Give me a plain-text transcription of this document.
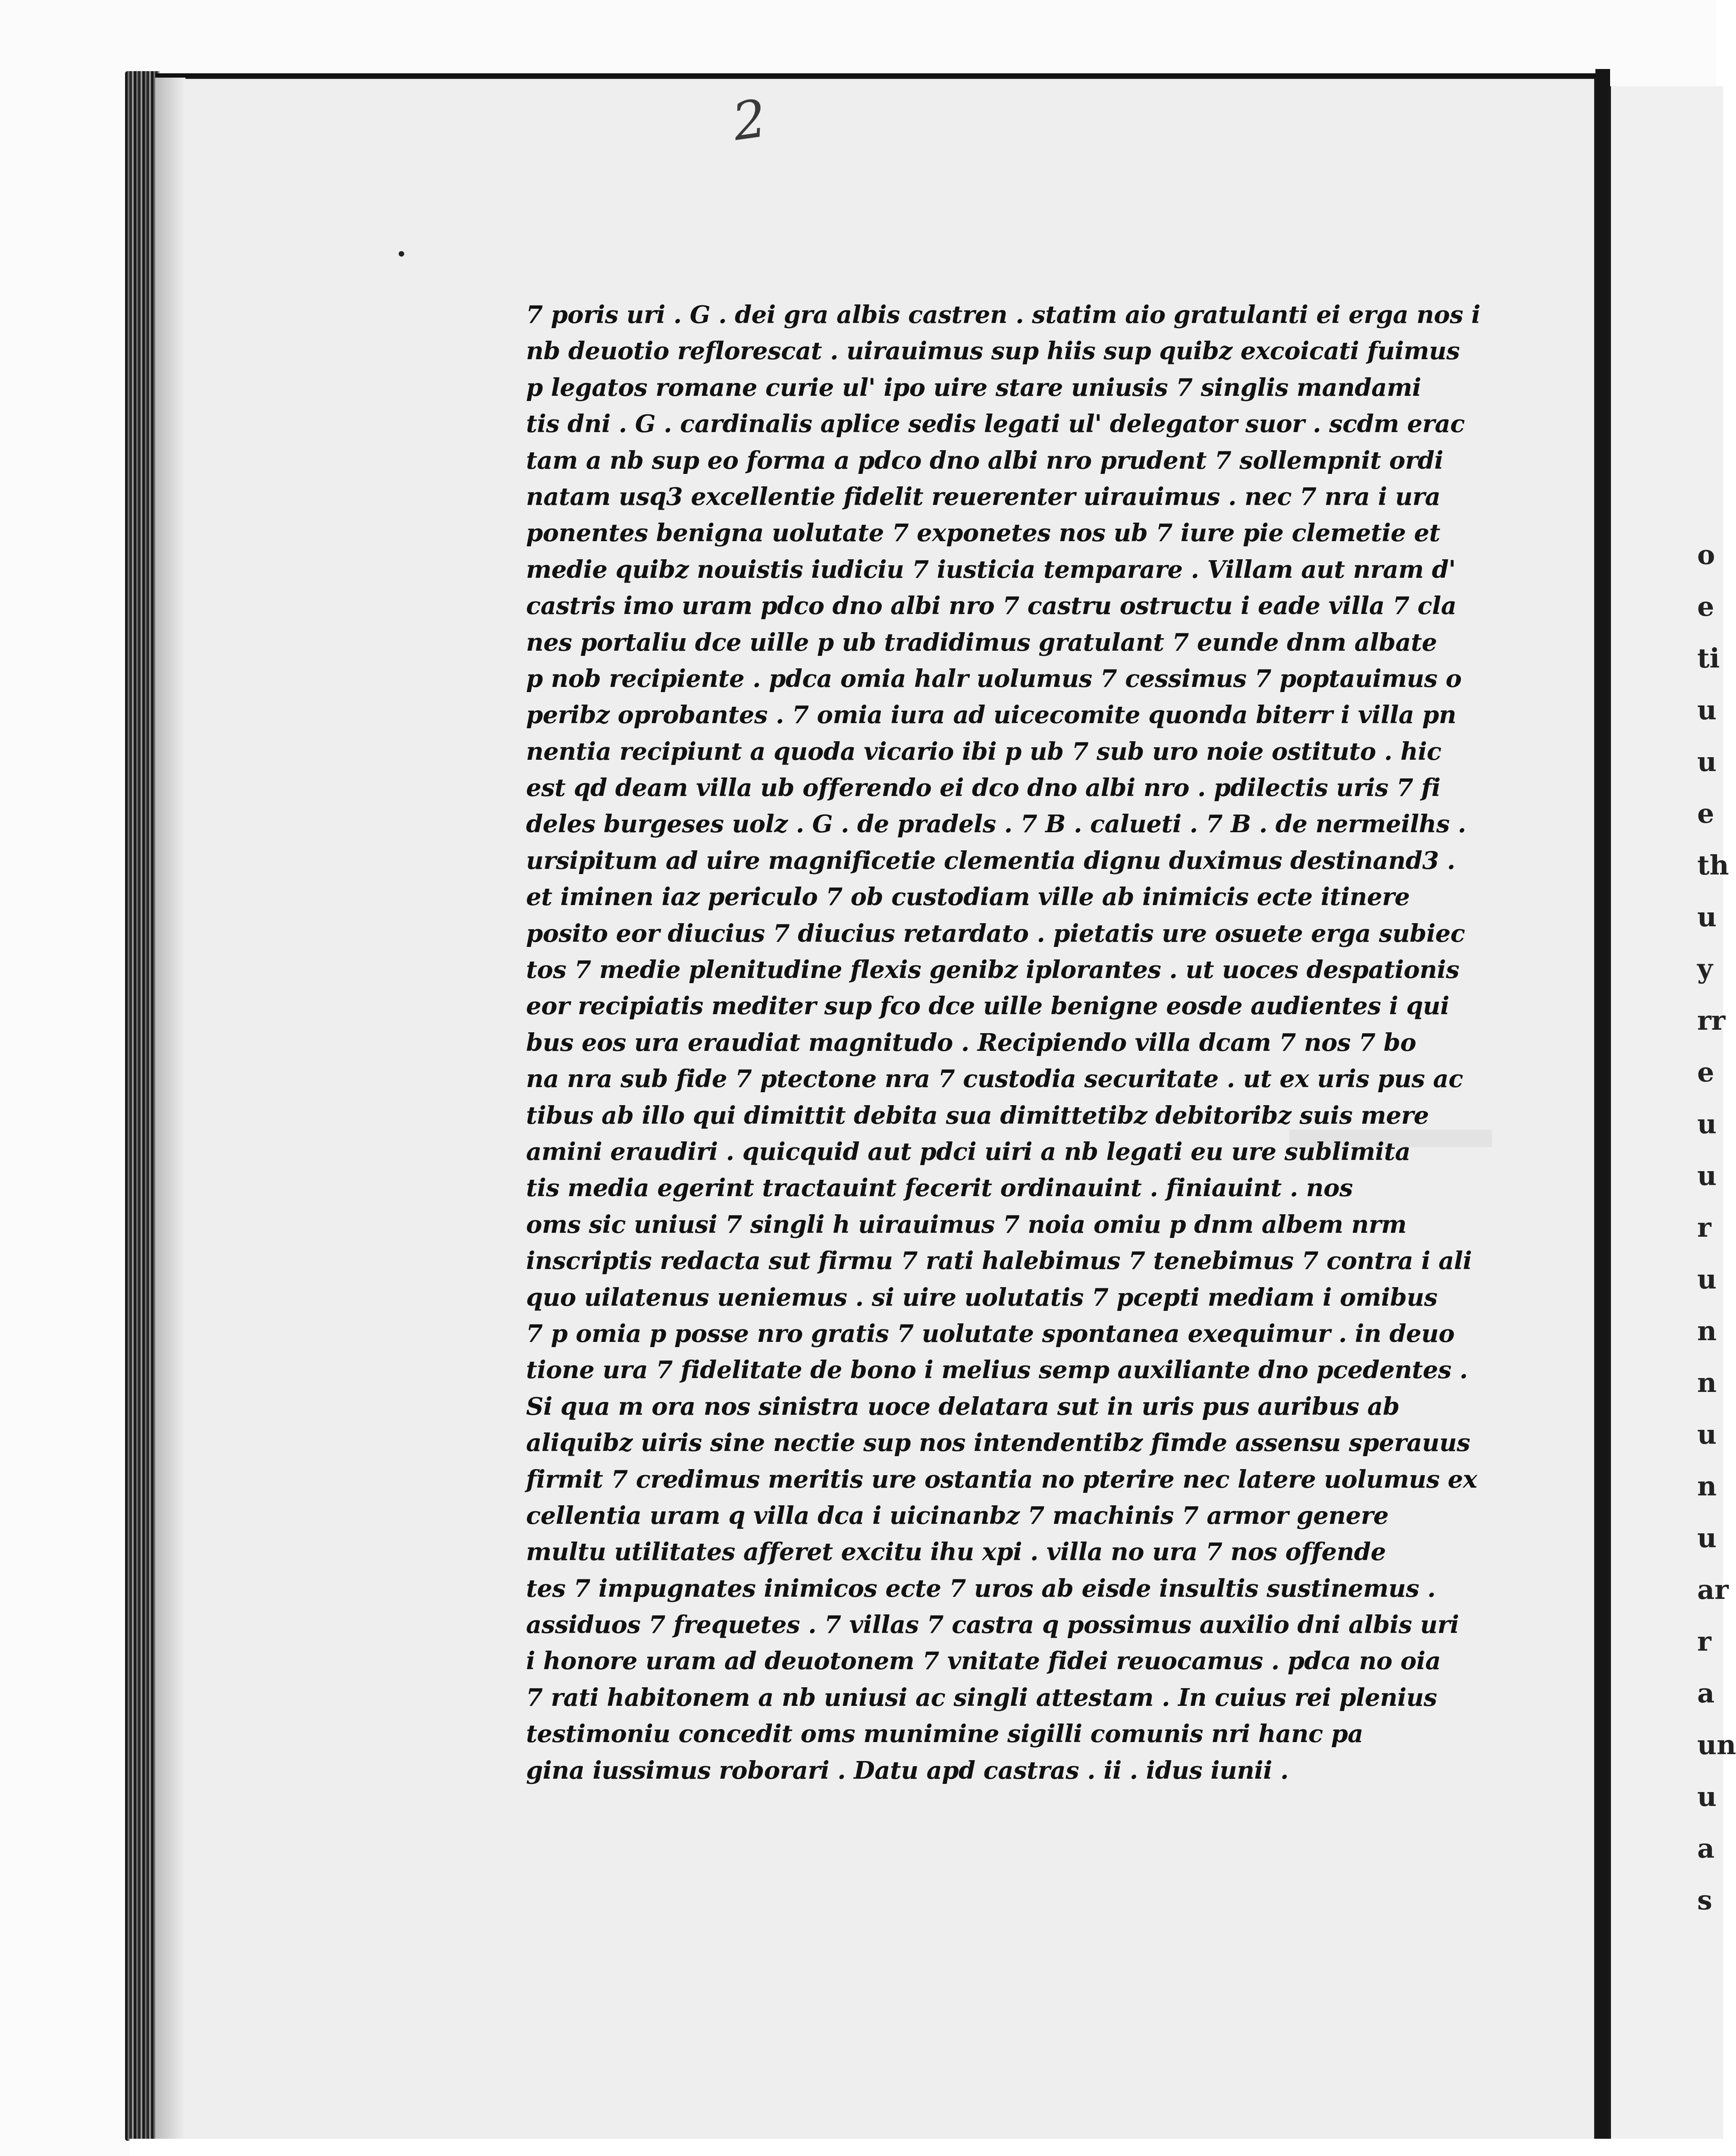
o
e
ti
u
u
e
th
u
y
rr
e
u
u
r
u
n
n
u
n
u
ar
r
a
un
u
a
s
2
•
7 poris uri . G . dei gra albis castren . statim aio gratulanti ei erga nos i
nb deuotio reflorescat . uirauimus sup hiis sup quibz excoicati fuimus
p legatos romane curie ul' ipo uire stare uniusis 7 singlis mandami
tis dni . G . cardinalis aplice sedis legati ul' delegator suor . scdm erac
tam a nb sup eo forma a pdco dno albi nro prudent 7 sollempnit ordi
natam usq3 excellentie fidelit reuerenter uirauimus . nec 7 nra i ura
ponentes benigna uolutate 7 exponetes nos ub 7 iure pie clemetie et
medie quibz nouistis iudiciu 7 iusticia temparare . Villam aut nram d'
castris imo uram pdco dno albi nro 7 castru ostructu i eade villa 7 cla
nes portaliu dce uille p ub tradidimus gratulant 7 eunde dnm albate
p nob recipiente . pdca omia halr uolumus 7 cessimus 7 poptauimus o
peribz oprobantes . 7 omia iura ad uicecomite quonda biterr i villa pn
nentia recipiunt a quoda vicario ibi p ub 7 sub uro noie ostituto . hic
est qd deam villa ub offerendo ei dco dno albi nro . pdilectis uris 7 fi
deles burgeses uolz . G . de pradels . 7 B . calueti . 7 B . de nermeilhs .
ursipitum ad uire magnificetie clementia dignu duximus destinand3 .
et iminen iaz periculo 7 ob custodiam ville ab inimicis ecte itinere
posito eor diucius 7 diucius retardato . pietatis ure osuete erga subiec
tos 7 medie plenitudine flexis genibz iplorantes . ut uoces despationis
eor recipiatis mediter sup fco dce uille benigne eosde audientes i qui
bus eos ura eraudiat magnitudo . Recipiendo villa dcam 7 nos 7 bo
na nra sub fide 7 ptectone nra 7 custodia securitate . ut ex uris pus ac
tibus ab illo qui dimittit debita sua dimittetibz debitoribz suis mere
amini eraudiri . quicquid aut pdci uiri a nb legati eu ure sublimita
tis media egerint tractauint fecerit ordinauint . finiauint . nos
oms sic uniusi 7 singli h uirauimus 7 noia omiu p dnm albem nrm
inscriptis redacta sut firmu 7 rati halebimus 7 tenebimus 7 contra i ali
quo uilatenus ueniemus . si uire uolutatis 7 pcepti mediam i omibus
7 p omia p posse nro gratis 7 uolutate spontanea exequimur . in deuo
tione ura 7 fidelitate de bono i melius semp auxiliante dno pcedentes .
Si qua m ora nos sinistra uoce delatara sut in uris pus auribus ab
aliquibz uiris sine nectie sup nos intendentibz fimde assensu sperauus
firmit 7 credimus meritis ure ostantia no pterire nec latere uolumus ex
cellentia uram q villa dca i uicinanbz 7 machinis 7 armor genere
multu utilitates afferet excitu ihu xpi . villa no ura 7 nos offende
tes 7 impugnates inimicos ecte 7 uros ab eisde insultis sustinemus .
assiduos 7 frequetes . 7 villas 7 castra q possimus auxilio dni albis uri
i honore uram ad deuotonem 7 vnitate fidei reuocamus . pdca no oia
7 rati habitonem a nb uniusi ac singli attestam . In cuius rei plenius
testimoniu concedit oms munimine sigilli comunis nri hanc pa
gina iussimus roborari . Datu apd castras . ii . idus iunii .
